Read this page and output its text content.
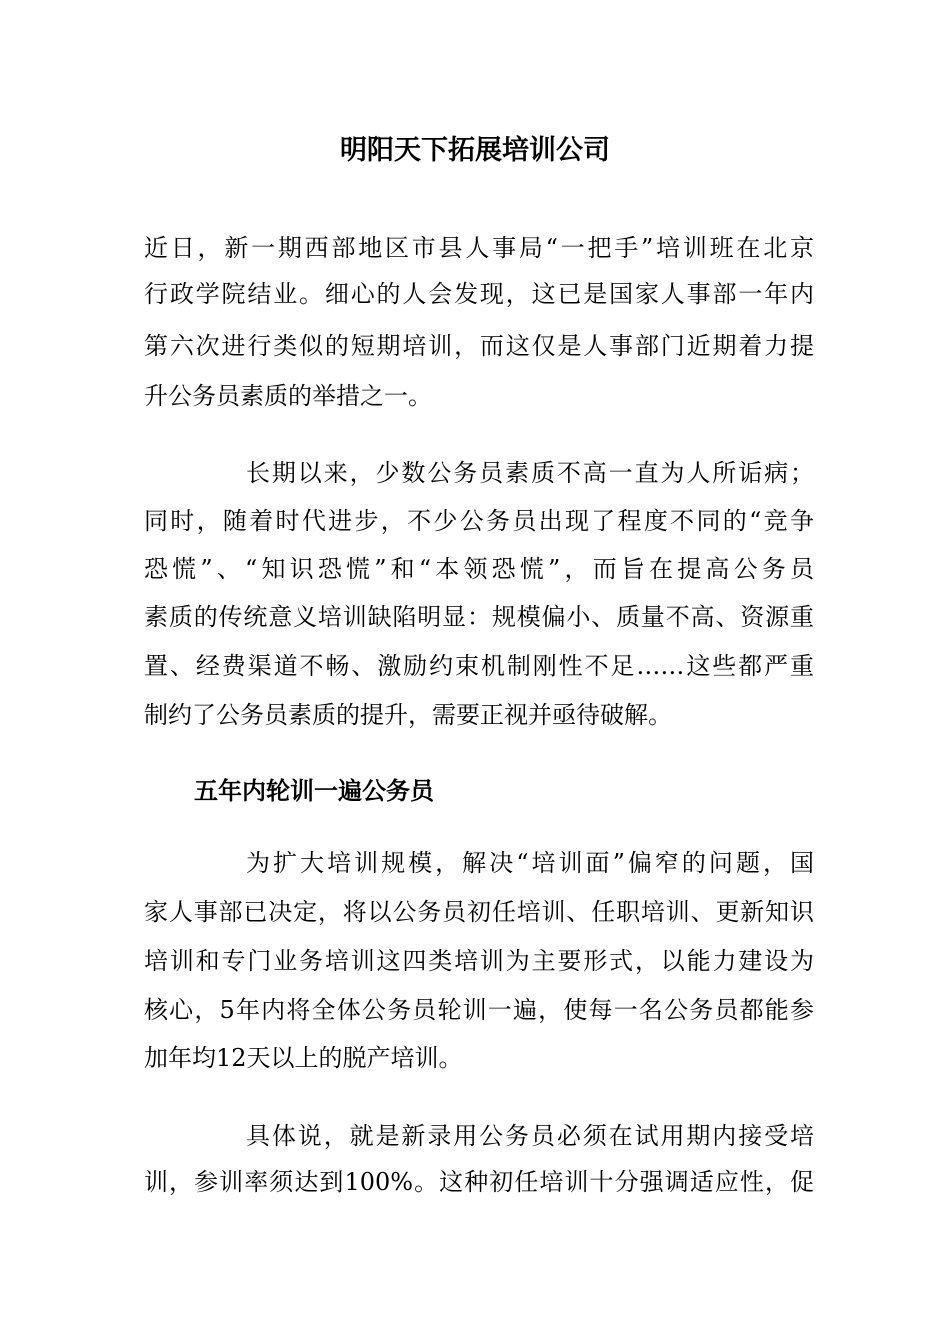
明阳天下拓展培训公司
近日，新一期西部地区市县人事局“一把手”培训班在北京
行政学院结业。细心的人会发现，这已是国家人事部一年内
第六次进行类似的短期培训，而这仅是人事部门近期着力提
升公务员素质的举措之一。
长期以来，少数公务员素质不高一直为人所诟病；
同时，随着时代进步，不少公务员出现了程度不同的“竞争
恐慌”、“知识恐慌”和“本领恐慌”，而旨在提高公务员
素质的传统意义培训缺陷明显：规模偏小、质量不高、资源重
置、经费渠道不畅、激励约束机制刚性不足……这些都严重
制约了公务员素质的提升，需要正视并亟待破解。
五年内轮训一遍公务员
为扩大培训规模，解决“培训面”偏窄的问题，国
家人事部已决定，将以公务员初任培训、任职培训、更新知识
培训和专门业务培训这四类培训为主要形式，以能力建设为
核心，5年内将全体公务员轮训一遍，使每一名公务员都能参
加年均12天以上的脱产培训。
具体说，就是新录用公务员必须在试用期内接受培
训，参训率须达到100%。这种初任培训十分强调适应性，促
